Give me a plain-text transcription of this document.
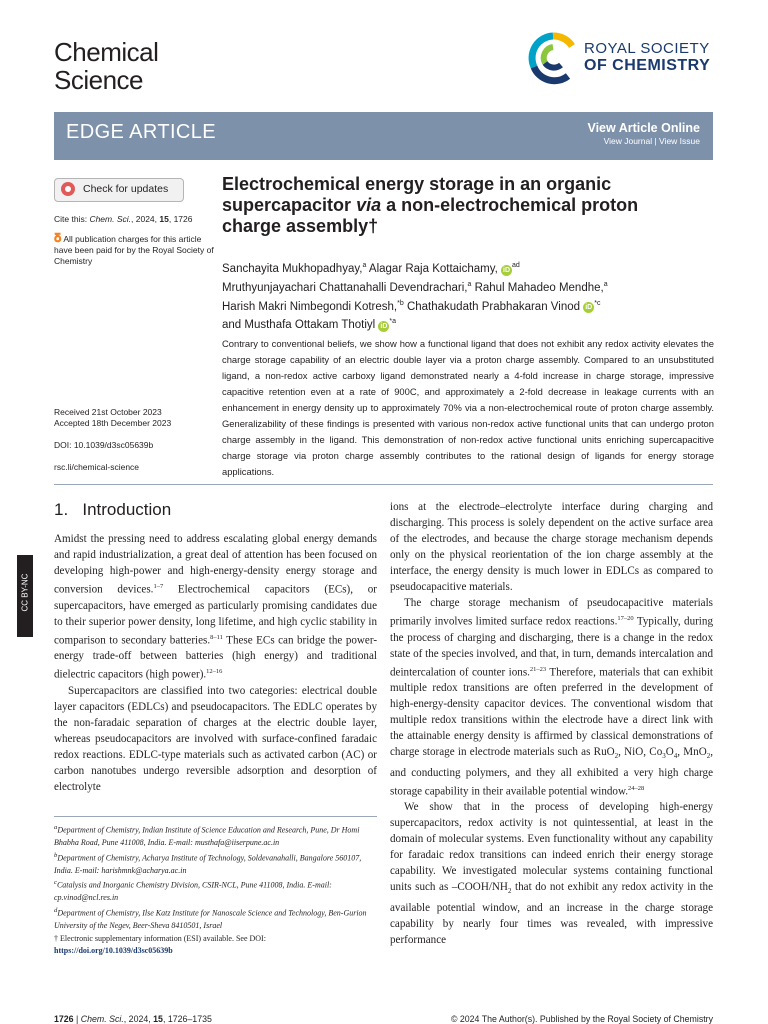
Chemical
Science
ROYAL SOCIETY
OF CHEMISTRY
EDGE ARTICLE	View Article Online
View Journal | View Issue
Check for updates
Cite this: Chem. Sci., 2024, 15, 1726
𝛅 All publication charges for this article have been paid for by the Royal Society of Chemistry
Received 21st October 2023
Accepted 18th December 2023
DOI: 10.1039/d3sc05639b
rsc.li/chemical-science
Electrochemical energy storage in an organic supercapacitor via a non-electrochemical proton charge assembly†
Sanchayita Mukhopadhyay,$^a$ Alagar Raja Kottaichamy, $iD^{ad}$
Mruthyunjayachari Chattanahalli Devendrachari,$^a$ Rahul Mahadeo Mendhe,$^a$
Harish Makri Nimbegondi Kotresh,$^{*b}$ Chathakudath Prabhakaran Vinod $iD^{*c}$
and Musthafa Ottakam Thotiyl $iD^{*a}$
Contrary to conventional beliefs, we show how a functional ligand that does not exhibit any redox activity elevates the charge storage capability of an electric double layer via a proton charge assembly. Compared to an unsubstituted ligand, a non-redox active carboxy ligand demonstrated nearly a 4-fold increase in charge storage, impressive capacitive retention even at a rate of 900C, and approximately a 2-fold decrease in leakage currents with an enhancement in energy density up to approximately 70% via a non-electrochemical route of proton charge assembly. Generalizability of these findings is presented with various non-redox active functional units that can undergo proton charge assembly in the ligand. This demonstration of non-redox active functional units enriching supercapacitive charge storage via proton charge assembly contributes to the rational design of ligands for energy storage applications.
1. Introduction

Amidst the pressing need to address escalating global energy demands and rapid industrialization, a great deal of attention has been focused on developing high-power and high-energy-density energy storage and conversion devices.$^{1-7}$ Electrochemical capacitors (ECs), or supercapacitors, have emerged as particularly promising candidates due to their superior power density, long lifetime, and high cyclic stability in comparison to secondary batteries.$^{8-11}$ These ECs can bridge the power-energy trade-off between batteries (high energy) and traditional dielectric capacitors (high power).$^{12-16}$

Supercapacitors are classified into two categories: electrical double layer capacitors (EDLCs) and pseudocapacitors. The EDLC operates by the non-faradaic separation of charges at the electric double layer, whereas pseudocapacitors are involved with surface-confined faradaic redox reactions. EDLC-type materials such as activated carbon (AC) or carbon nanotubes undergo reversible adsorption and desorption of electrolyte

CC BY-NC

ions at the electrode–electrolyte interface during charging and discharging. This process is solely dependent on the active surface area of the electrodes, and because the charge storage mechanism depends only on the physical reorientation of the ion charge assembly at the interface, the energy density is much lower in EDLCs as compared to pseudocapacitive materials.

The charge storage mechanism of pseudocapacitive materials primarily involves limited surface redox reactions.$^{17-20}$ Typically, during the process of charging and discharging, there is a change in the redox state of the species involved, and that, in turn, demands intercalation and deintercalation of counter ions.$^{21-23}$ Therefore, materials that can exhibit multiple redox transitions are often preferred in the development of high-energy-density capacitor devices. The conventional wisdom that multiple redox transitions within the electrode have a direct link with the attainable energy density is affirmed by classical demonstrations of charge storage in electrode materials such as RuO$_2$, NiO, $Co_3O_4$, MnO$_2$, and conducting polymers, and they all exhibited a very high charge storage capability in their available potential window.$^{24-28}$

We show that in the process of developing high-energy supercapacitors, redox activity is not quintessential, at least in the domain of molecular systems. Even functionality without any capability for faradaic redox transitions can indeed enrich their energy storage capability. We investigated molecular systems containing functional units such as $-COOH/NH_2$ that do not exhibit any redox activity in the available potential window, and an increase in the charge storage capability by nearly four times was revealed, with impressive performance

$^a$Department of Chemistry, Indian Institute of Science Education and Research, Pune, Dr Homi Bhabha Road, Pune 411008, India. E-mail: musthafa@iiserpune.ac.in
$^b$Department of Chemistry, Acharya Institute of Technology, Soldevanahalli, Bangalore 560107, India. E-mail: harishmnk@acharya.ac.in
$^c$Catalysis and Inorganic Chemistry Division, CSIR-NCL, Pune 411008, India. E-mail: cp.vinod@ncl.res.in
$^d$Department of Chemistry, Ilse Katz Institute for Nanoscale Science and Technology, Ben-Gurion University of the Negev, Beer-Sheva 8410501, Israel
† Electronic supplementary information (ESI) available. See DOI:
https://doi.org/10.1039/d3sc05639b
1726 | Chem. Sci., 2024, 15, 1726–1735	© 2024 The Author(s). Published by the Royal Society of Chemistry
